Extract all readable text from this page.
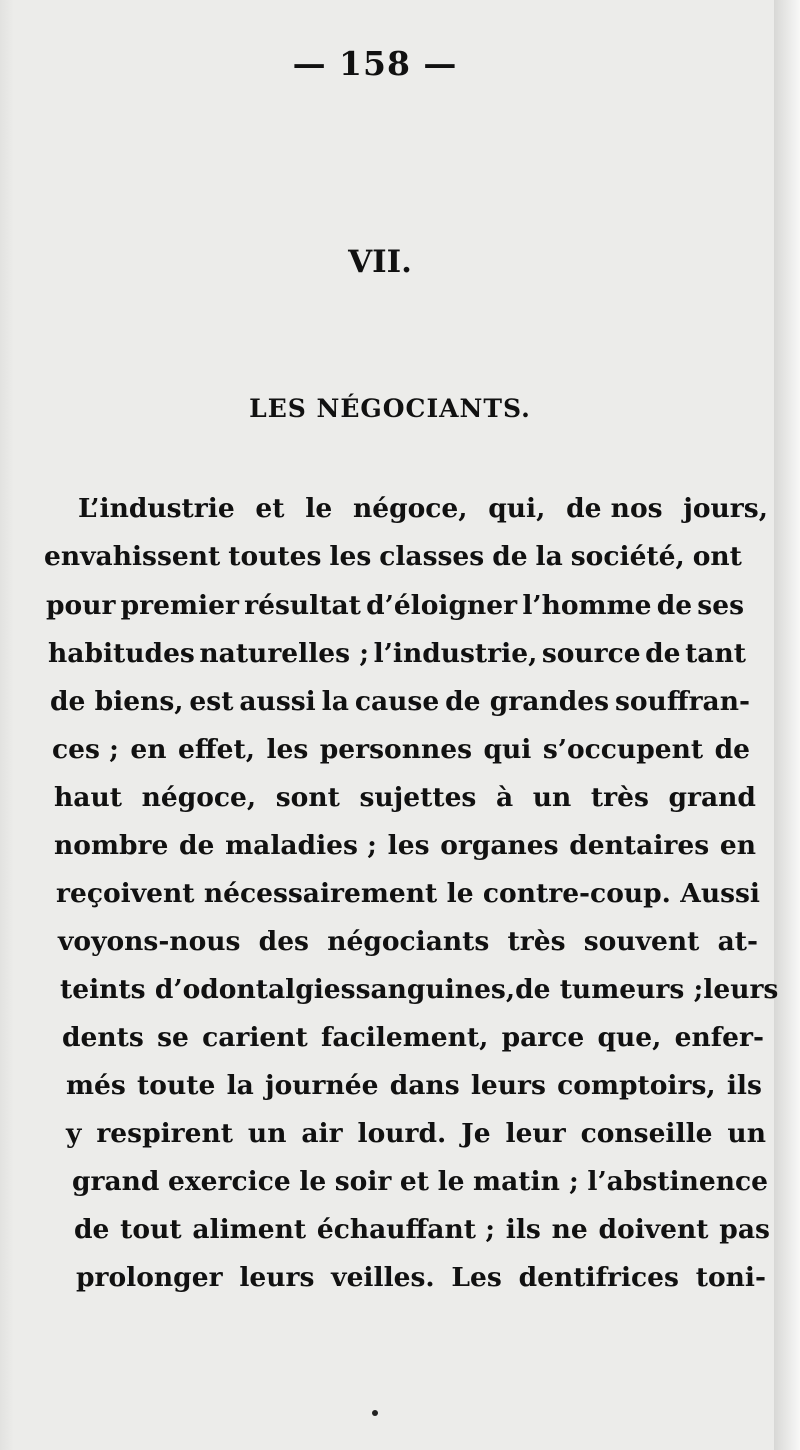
— 158 —
VII.
LES NÉGOCIANTS.
L’industrie et le négoce, qui, de nos jours,
envahissent toutes les classes de la société, ont
pour premier résultat d’éloigner l’homme de ses
habitudes naturelles ; l’industrie, source de tant
de biens, est aussi la cause de grandes souffran-
ces ; en effet, les personnes qui s’occupent de
haut négoce, sont sujettes à un très grand
nombre de maladies ; les organes dentaires en
reçoivent nécessairement le contre-coup. Aussi
voyons-nous des négociants très souvent at-
teints d’odontalgies sanguines, de tumeurs ; leurs
dents se carient facilement, parce que, enfer-
més toute la journée dans leurs comptoirs, ils
y respirent un air lourd. Je leur conseille un
grand exercice le soir et le matin ; l’abstinence
de tout aliment échauffant ; ils ne doivent pas
prolonger leurs veilles. Les dentifrices toni-
